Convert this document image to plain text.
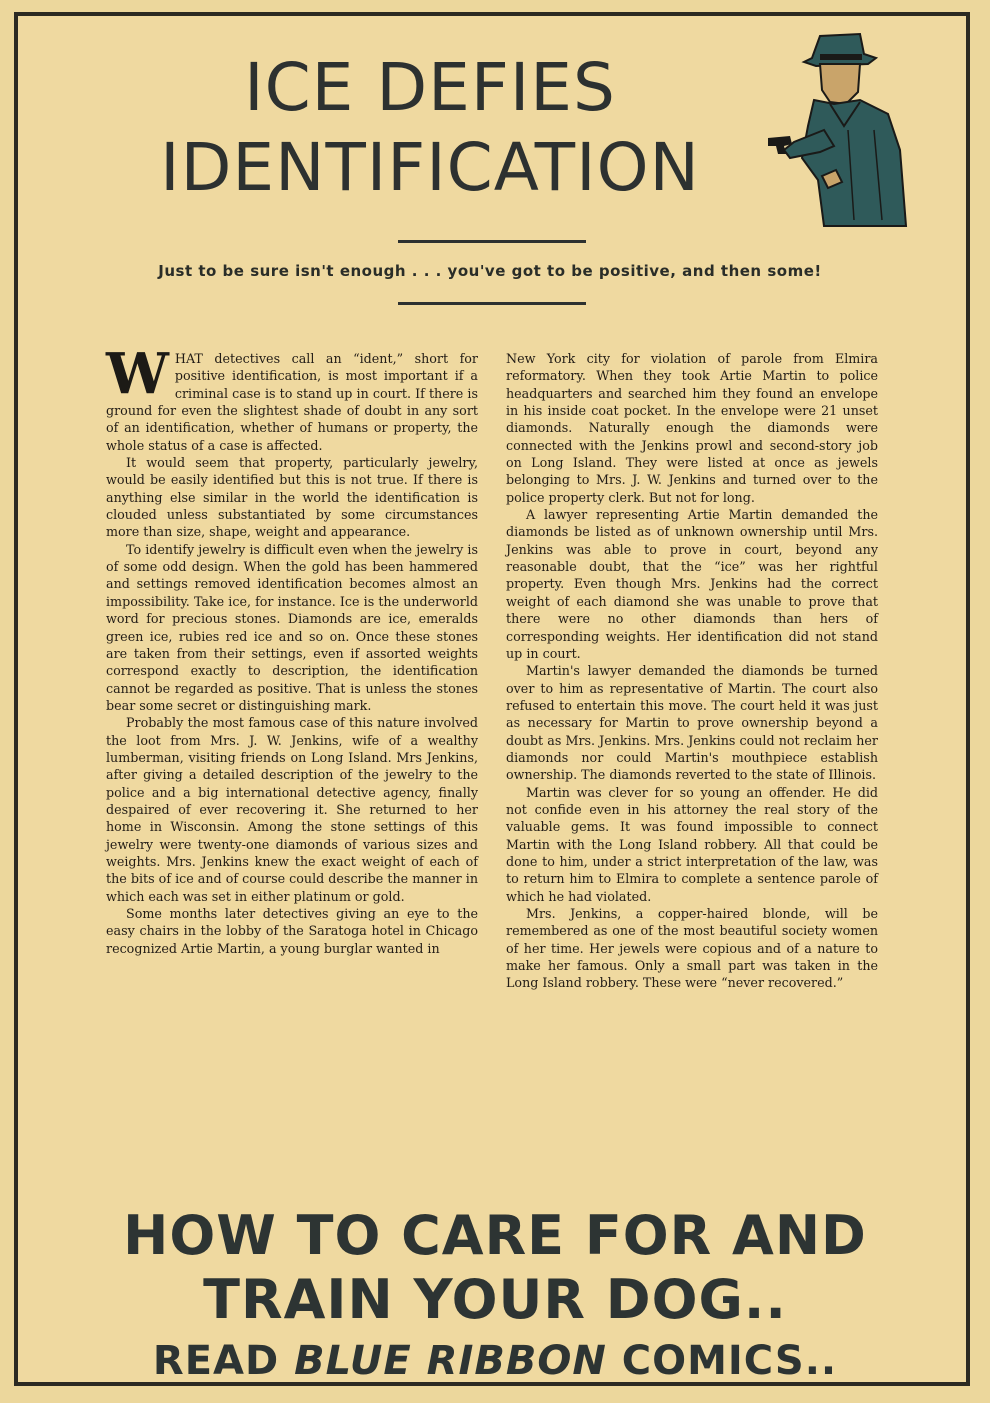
ICE DEFIES
IDENTIFICATION
Just to be sure isn't enough . . . you've got to be positive, and then some!

WHAT detectives call an “ident,” short for positive identification, is most important if a criminal case is to stand up in court. If there is ground for even the slightest shade of doubt in any sort of an identification, whether of humans or property, the whole status of a case is affected.

It would seem that property, particularly jewelry, would be easily identified but this is not true. If there is anything else similar in the world the identification is clouded unless substantiated by some circumstances more than size, shape, weight and appearance.

To identify jewelry is difficult even when the jewelry is of some odd design. When the gold has been hammered and settings removed identification becomes almost an impossibility. Take ice, for instance. Ice is the underworld word for precious stones. Diamonds are ice, emeralds green ice, rubies red ice and so on. Once these stones are taken from their settings, even if assorted weights correspond exactly to description, the identification cannot be regarded as positive. That is unless the stones bear some secret or distinguishing mark.

Probably the most famous case of this nature involved the loot from Mrs. J. W. Jenkins, wife of a wealthy lumberman, visiting friends on Long Island. Mrs Jenkins, after giving a detailed description of the jewelry to the police and a big international detective agency, finally despaired of ever recovering it. She returned to her home in Wisconsin. Among the stone settings of this jewelry were twenty-one diamonds of various sizes and weights. Mrs. Jenkins knew the exact weight of each of the bits of ice and of course could describe the manner in which each was set in either platinum or gold.

Some months later detectives giving an eye to the easy chairs in the lobby of the Saratoga hotel in Chicago recognized Artie Martin, a young burglar wanted in

New York city for violation of parole from Elmira reformatory. When they took Artie Martin to police headquarters and searched him they found an envelope in his inside coat pocket. In the envelope were 21 unset diamonds. Naturally enough the diamonds were connected with the Jenkins prowl and second-story job on Long Island. They were listed at once as jewels belonging to Mrs. J. W. Jenkins and turned over to the police property clerk. But not for long.

A lawyer representing Artie Martin demanded the diamonds be listed as of unknown ownership until Mrs. Jenkins was able to prove in court, beyond any reasonable doubt, that the “ice” was her rightful property. Even though Mrs. Jenkins had the correct weight of each diamond she was unable to prove that there were no other diamonds than hers of corresponding weights. Her identification did not stand up in court.

Martin's lawyer demanded the diamonds be turned over to him as representative of Martin. The court also refused to entertain this move. The court held it was just as necessary for Martin to prove ownership beyond a doubt as Mrs. Jenkins. Mrs. Jenkins could not reclaim her diamonds nor could Martin's mouthpiece establish ownership. The diamonds reverted to the state of Illinois.

Martin was clever for so young an offender. He did not confide even in his attorney the real story of the valuable gems. It was found impossible to connect Martin with the Long Island robbery. All that could be done to him, under a strict interpretation of the law, was to return him to Elmira to complete a sentence parole of which he had violated.

Mrs. Jenkins, a copper-haired blonde, will be remembered as one of the most beautiful society women of her time. Her jewels were copious and of a nature to make her famous. Only a small part was taken in the Long Island robbery. These were “never recovered.”

HOW TO CARE FOR AND
TRAIN YOUR DOG..
READ BLUE RIBBON COMICS..
